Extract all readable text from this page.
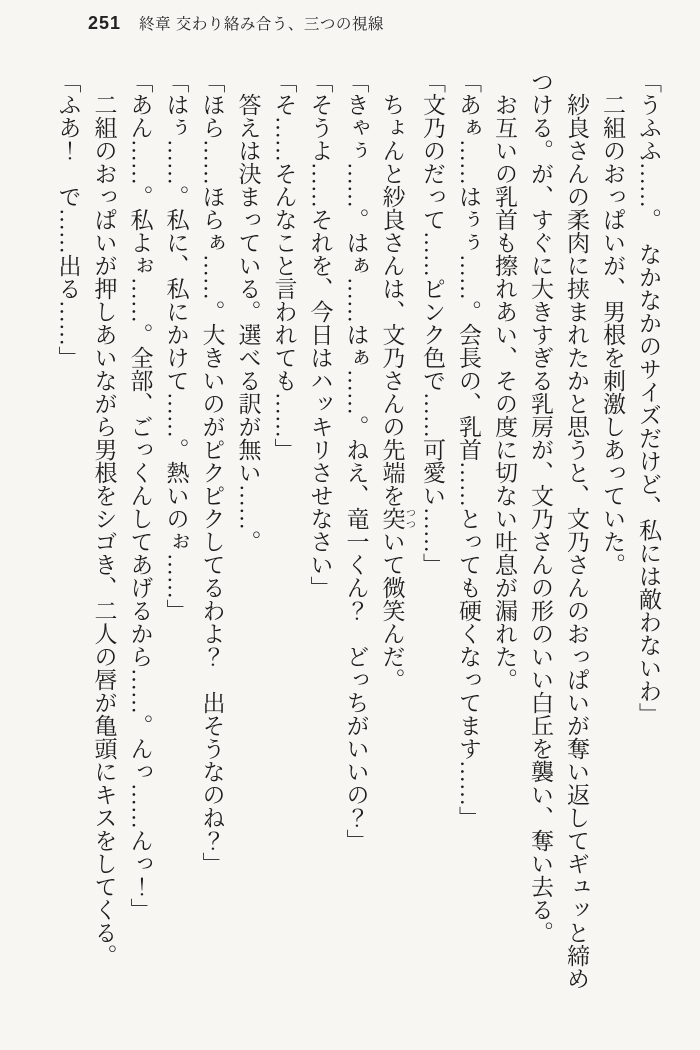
251 終章 交わり絡み合う、三つの視線

「うふふ……。　なかなかのサイズだけど、私には敵わないわ」

二組のおっぱいが、男根を刺激しあっていた。

紗良さんの柔肉に挟まれたかと思うと、文乃さんのおっぱいが奪い返してギュッと締めつける。が、すぐに大きすぎる乳房が、文乃さんの形のいい白丘を襲い、奪い去る。

お互いの乳首も擦れあい、その度に切ない吐息が漏れた。

「あぁ……はぅぅ……。会長の、乳首……とっても硬くなってます……」

「文乃のだって……ピンク色で……可愛い……」

ちょんと紗良さんは、文乃さんの先端を突 つついて微笑んだ。

「きゃぅ……。はぁ……はぁ……。ねえ、竜一くん？　どっちがいいの？」

「そうよ……それを、今日はハッキリさせなさい」

「そ……そんなこと言われても……」

答えは決まっている。選べる訳が無い……。

「ほら……ほらぁ……。大きいのがピクピクしてるわよ？　出そうなのね？」

「はぅ……。私に、私にかけて……。熱いのぉ……」

「あん……。私よぉ……。全部、ごっくんしてあげるから……。んっ……んっ！」

二組のおっぱいが押しあいながら男根をシゴき、二人の唇が亀頭にキスをしてくる。

「ふあ！　で……出る……」
